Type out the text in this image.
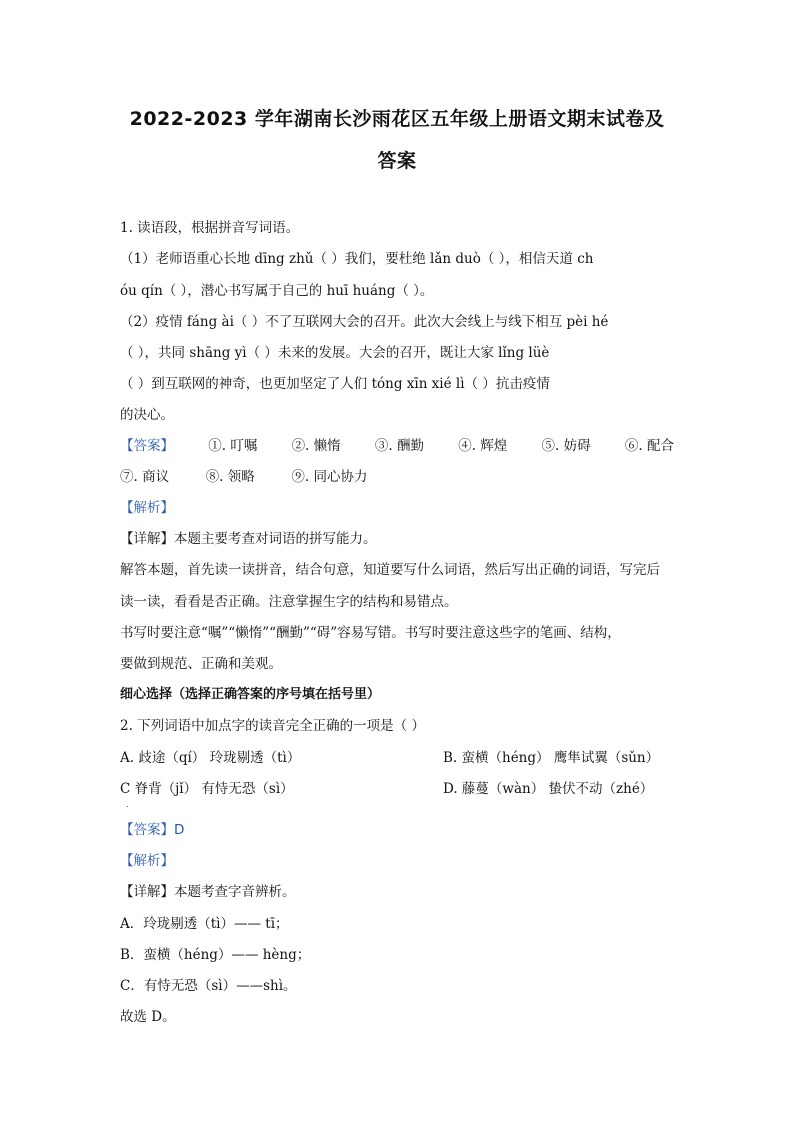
2022-2023 学年湖南长沙雨花区五年级上册语文期末试卷及
答案
1. 读语段，根据拼音写词语。
（1）老师语重心长地 dīng zhǔ（ ）我们，要杜绝 lǎn duò（ ），相信天道 ch
óu qín（ ），潜心书写属于自己的 huī huáng（ ）。
（2）疫情 fáng ài（ ）不了互联网大会的召开。此次大会线上与线下相互 pèi hé
（ ），共同 shāng yì（ ）未来的发展。大会的召开，既让大家 lǐng lüè
（ ）到互联网的神奇，也更加坚定了人们 tóng xīn xié lì（ ）抗击疫情
的决心。
【答案】	①. 叮嘱	②. 懒惰	③. 酬勤	④. 辉煌	⑤. 妨碍	⑥. 配合
⑦. 商议	⑧. 领略	⑨. 同心协力
【解析】
【详解】本题主要考查对词语的拼写能力。
解答本题，首先读一读拼音，结合句意，知道要写什么词语，然后写出正确的词语，写完后
读一读，看看是否正确。注意掌握生字的结构和易错点。
书写时要注意“嘱”“懒惰”“酬勤”“碍”容易写错。书写时要注意这些字的笔画、结构，
要做到规范、正确和美观。
细心选择（选择正确答案的序号填在括号里）
2. 下列词语中加点字的读音完全正确的一项是（ ）
A. 歧途（qí） 玲珑剔透（tì）	B. 蛮横（héng） 鹰隼试翼（sǔn）
C 脊背（jǐ） 有恃无恐（sì）	D. 藤蔓（wàn） 蛰伏不动（zhé）
.
【答案】D
【解析】
【详解】本题考查字音辨析。
A．玲珑剔透（tì）—— tī；
B．蛮横（héng）—— hèng；
C．有恃无恐（sì）——shì。
故选 D。
